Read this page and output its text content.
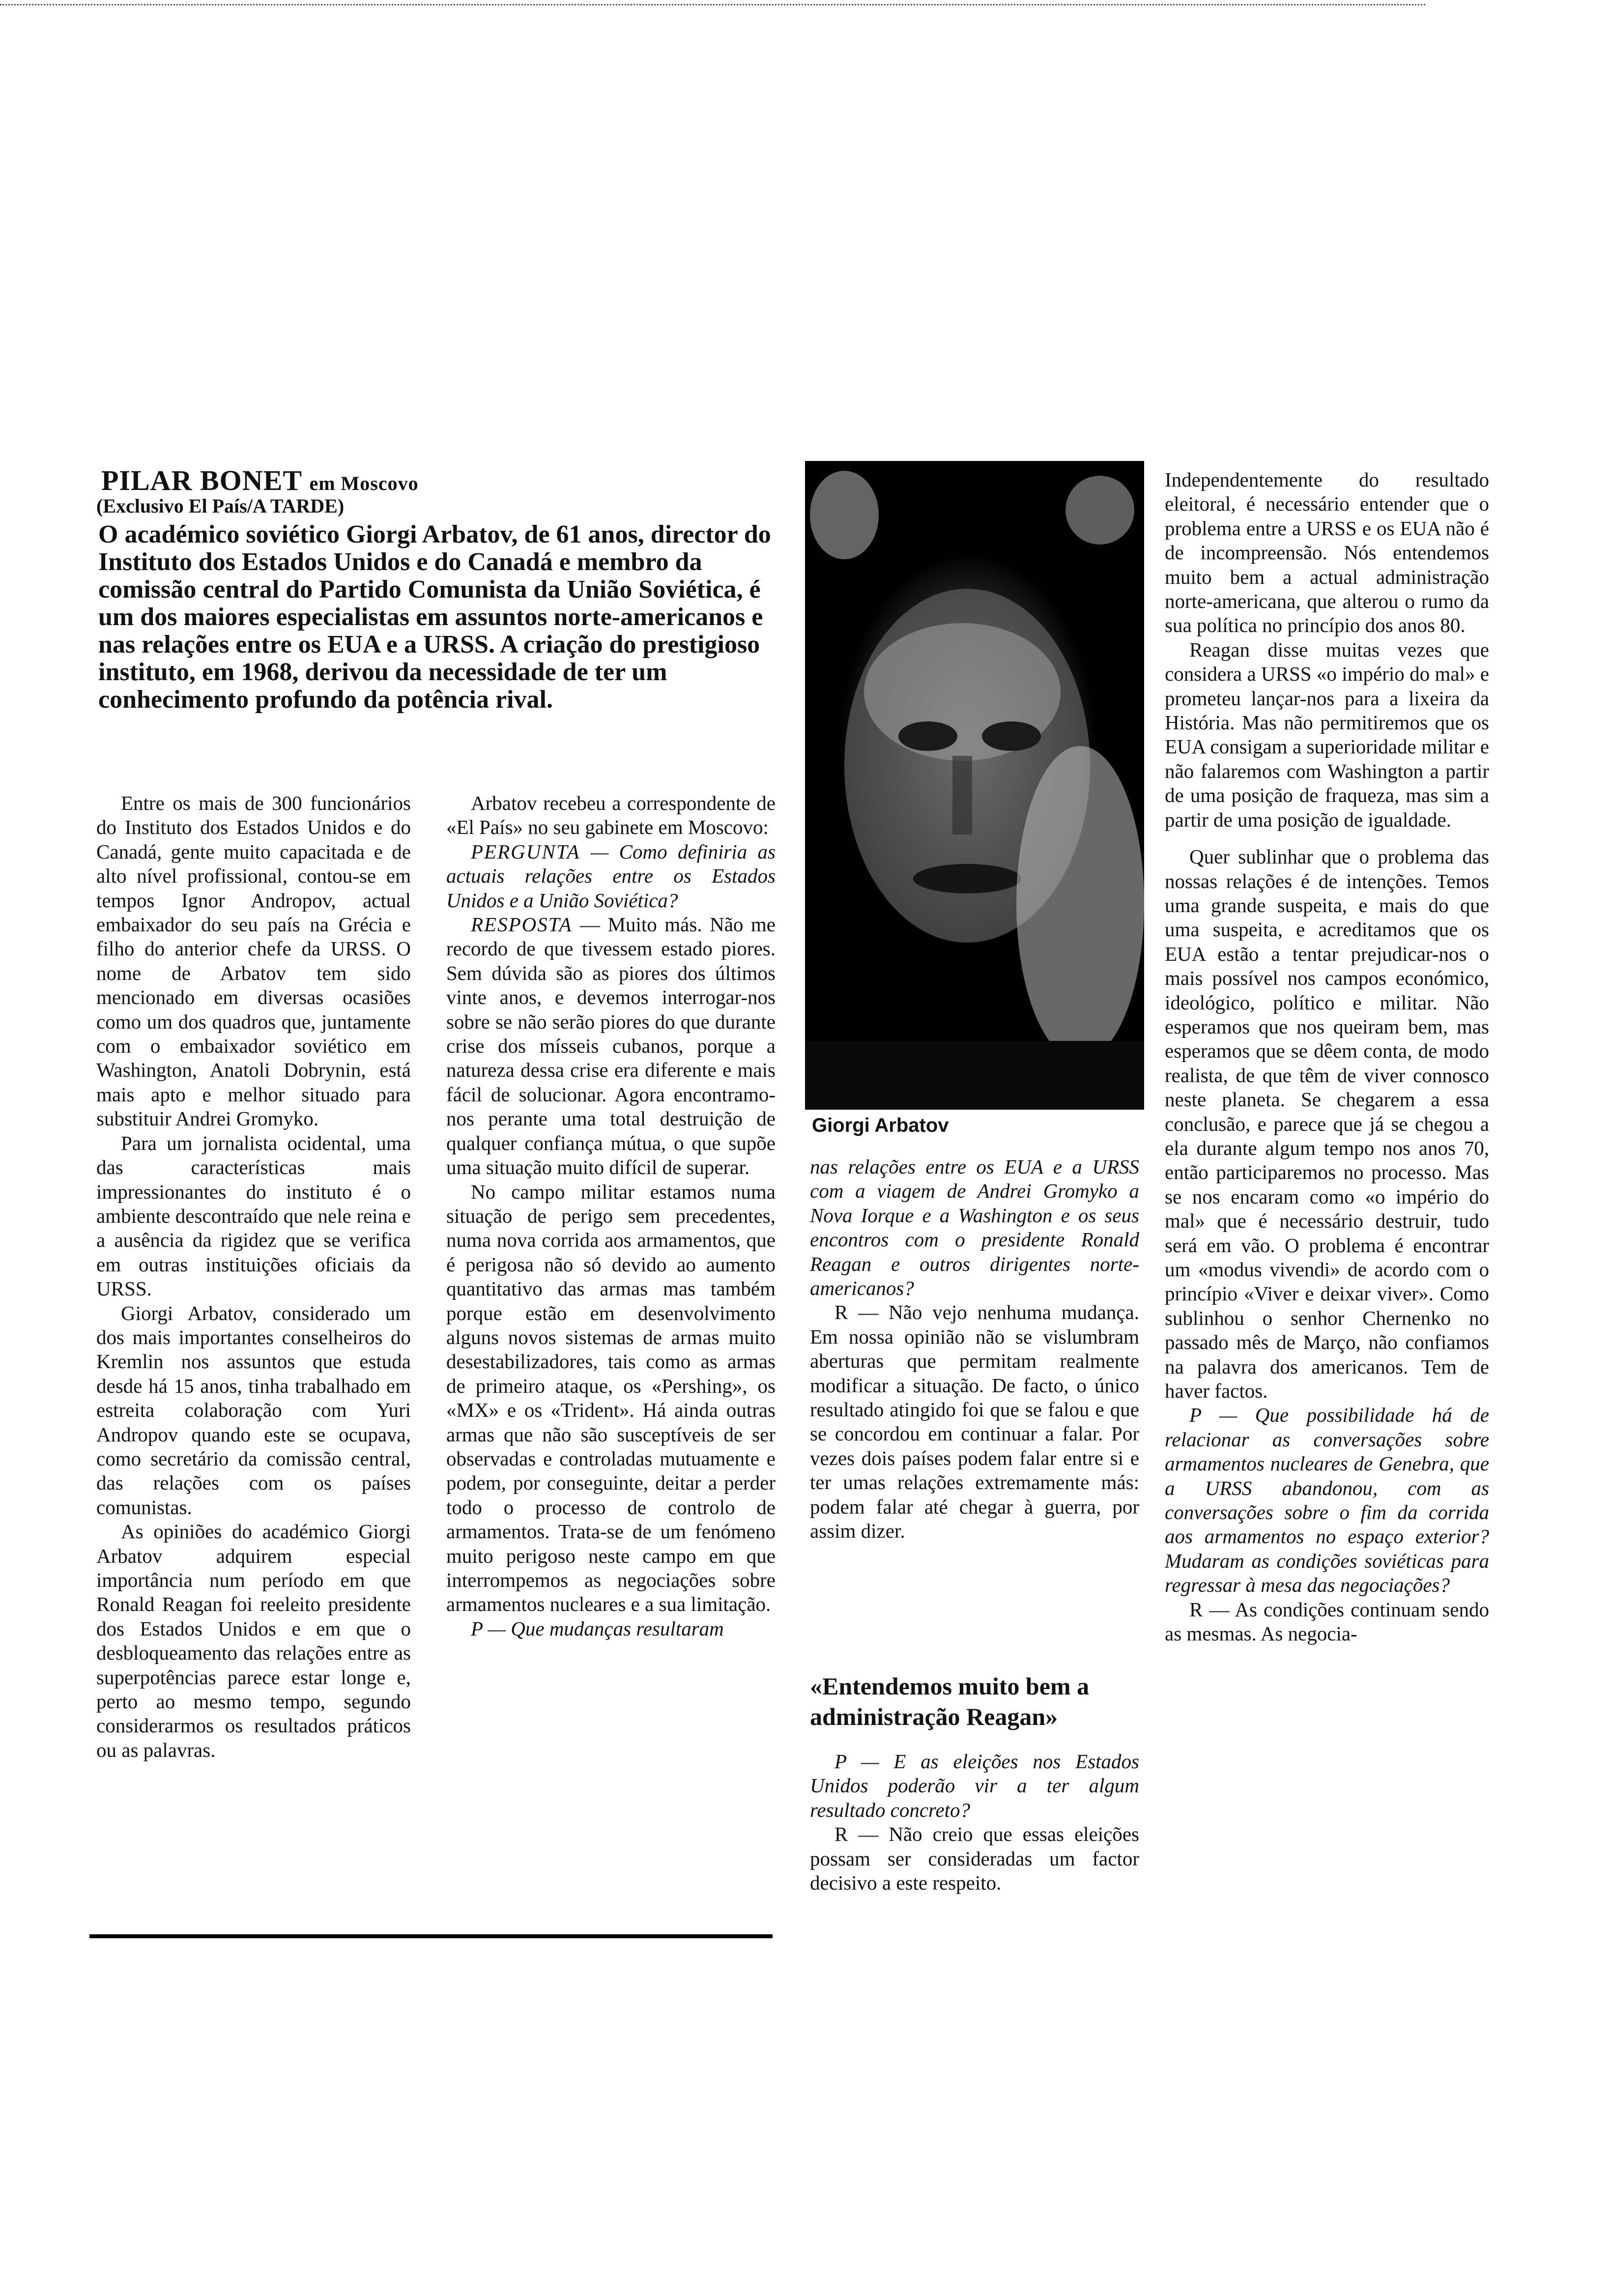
PILAR BONET em Moscovo
(Exclusivo El País/A TARDE)

O académico soviético Giorgi Arbatov, de 61 anos, director do Instituto dos Estados Unidos e do Canadá e membro da comissão central do Partido Comunista da União Soviética, é um dos maiores especialistas em assuntos norte-americanos e nas relações entre os EUA e a URSS. A criação do prestigioso instituto, em 1968, derivou da necessidade de ter um conhecimento profundo da potência rival.

Entre os mais de 300 funcionários do Instituto dos Estados Unidos e do Canadá, gente muito capacitada e de alto nível profissional, contou-se em tempos Ignor Andropov, actual embaixador do seu país na Grécia e filho do anterior chefe da URSS. O nome de Arbatov tem sido mencionado em diversas ocasiões como um dos quadros que, juntamente com o embaixador soviético em Washington, Anatoli Dobrynin, está mais apto e melhor situado para substituir Andrei Gromyko.

Para um jornalista ocidental, uma das características mais impressionantes do instituto é o ambiente descontraído que nele reina e a ausência da rigidez que se verifica em outras instituições oficiais da URSS.

Giorgi Arbatov, considerado um dos mais importantes conselheiros do Kremlin nos assuntos que estuda desde há 15 anos, tinha trabalhado em estreita colaboração com Yuri Andropov quando este se ocupava, como secretário da comissão central, das relações com os países comunistas.

As opiniões do académico Giorgi Arbatov adquirem especial importância num período em que Ronald Reagan foi reeleito presidente dos Estados Unidos e em que o desbloqueamento das relações entre as superpotências parece estar longe e, perto ao mesmo tempo, segundo considerarmos os resultados práticos ou as palavras.

Arbatov recebeu a correspondente de «El País» no seu gabinete em Moscovo:

PERGUNTA — Como definiria as actuais relações entre os Estados Unidos e a União Soviética?

RESPOSTA — Muito más. Não me recordo de que tivessem estado piores. Sem dúvida são as piores dos últimos vinte anos, e devemos interrogar-nos sobre se não serão piores do que durante crise dos mísseis cubanos, porque a natureza dessa crise era diferente e mais fácil de solucionar. Agora encontramo-nos perante uma total destruição de qualquer confiança mútua, o que supõe uma situação muito difícil de superar.

No campo militar estamos numa situação de perigo sem precedentes, numa nova corrida aos armamentos, que é perigosa não só devido ao aumento quantitativo das armas mas também porque estão em desenvolvimento alguns novos sistemas de armas muito desestabilizadores, tais como as armas de primeiro ataque, os «Pershing», os «MX» e os «Trident». Há ainda outras armas que não são susceptíveis de ser observadas e controladas mutuamente e podem, por conseguinte, deitar a perder todo o processo de controlo de armamentos. Trata-se de um fenómeno muito perigoso neste campo em que interrompemos as negociações sobre armamentos nucleares e a sua limitação.

P — Que mudanças resultaram

Giorgi Arbatov

nas relações entre os EUA e a URSS com a viagem de Andrei Gromyko a Nova Iorque e a Washington e os seus encontros com o presidente Ronald Reagan e outros dirigentes norte-americanos?

R — Não vejo nenhuma mudança. Em nossa opinião não se vislumbram aberturas que permitam realmente modificar a situação. De facto, o único resultado atingido foi que se falou e que se concordou em continuar a falar. Por vezes dois países podem falar entre si e ter umas relações extremamente más: podem falar até chegar à guerra, por assim dizer.

«Entendemos muito bem a administração Reagan»

P — E as eleições nos Estados Unidos poderão vir a ter algum resultado concreto?

R — Não creio que essas eleições possam ser consideradas um factor decisivo a este respeito.

Independentemente do resultado eleitoral, é necessário entender que o problema entre a URSS e os EUA não é de incompreensão. Nós entendemos muito bem a actual administração norte-americana, que alterou o rumo da sua política no princípio dos anos 80.

Reagan disse muitas vezes que considera a URSS «o império do mal» e prometeu lançar-nos para a lixeira da História. Mas não permitiremos que os EUA consigam a superioridade militar e não falaremos com Washington a partir de uma posição de fraqueza, mas sim a partir de uma posição de igualdade.

Quer sublinhar que o problema das nossas relações é de intenções. Temos uma grande suspeita, e mais do que uma suspeita, e acreditamos que os EUA estão a tentar prejudicar-nos o mais possível nos campos económico, ideológico, político e militar. Não esperamos que nos queiram bem, mas esperamos que se dêem conta, de modo realista, de que têm de viver connosco neste planeta. Se chegarem a essa conclusão, e parece que já se chegou a ela durante algum tempo nos anos 70, então participaremos no processo. Mas se nos encaram como «o império do mal» que é necessário destruir, tudo será em vão. O problema é encontrar um «modus vivendi» de acordo com o princípio «Viver e deixar viver». Como sublinhou o senhor Chernenko no passado mês de Março, não confiamos na palavra dos americanos. Tem de haver factos.

P — Que possibilidade há de relacionar as conversações sobre armamentos nucleares de Genebra, que a URSS abandonou, com as conversações sobre o fim da corrida aos armamentos no espaço exterior? Mudaram as condições soviéticas para regressar à mesa das negociações?

R — As condições continuam sendo as mesmas. As negocia-
